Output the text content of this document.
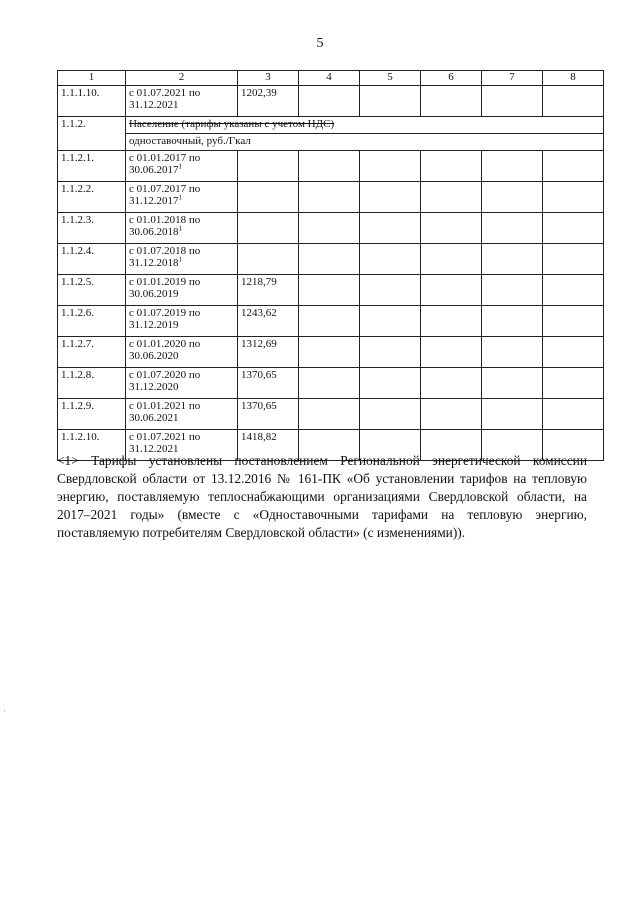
5
1	2	3	4	5	6	7	8
1.1.1.10.	с 01.07.2021 по
31.12.2021	1202,39					
1.1.2.	Население (тарифы указаны с учетом НДС)						
	одноставочный, руб./Гкал						
1.1.2.1.	с 01.01.2017 по
30.06.2017$^1$						
1.1.2.2.	с 01.07.2017 по
31.12.2017$^1$						
1.1.2.3.	с 01.01.2018 по
30.06.2018$^1$						
1.1.2.4.	с 01.07.2018 по
31.12.2018$^1$						
1.1.2.5.	с 01.01.2019 по
30.06.2019	1218,79					
1.1.2.6.	с 01.07.2019 по
31.12.2019	1243,62					
1.1.2.7.	с 01.01.2020 по
30.06.2020	1312,69					
1.1.2.8.	с 01.07.2020 по
31.12.2020	1370,65					
1.1.2.9.	с 01.01.2021 по
30.06.2021	1370,65					
1.1.2.10.	с 01.07.2021 по
31.12.2021	1418,82					
<1> Тарифы установлены постановлением Региональной энергетической комиссии Свердловской области от 13.12.2016 № 161-ПК «Об установлении тарифов на тепловую энергию, поставляемую теплоснабжающими организациями Свердловской области, на 2017–2021 годы» (вместе с «Одноставочными тарифами на тепловую энергию, поставляемую потребителям Свердловской области» (с изменениями)).
·
